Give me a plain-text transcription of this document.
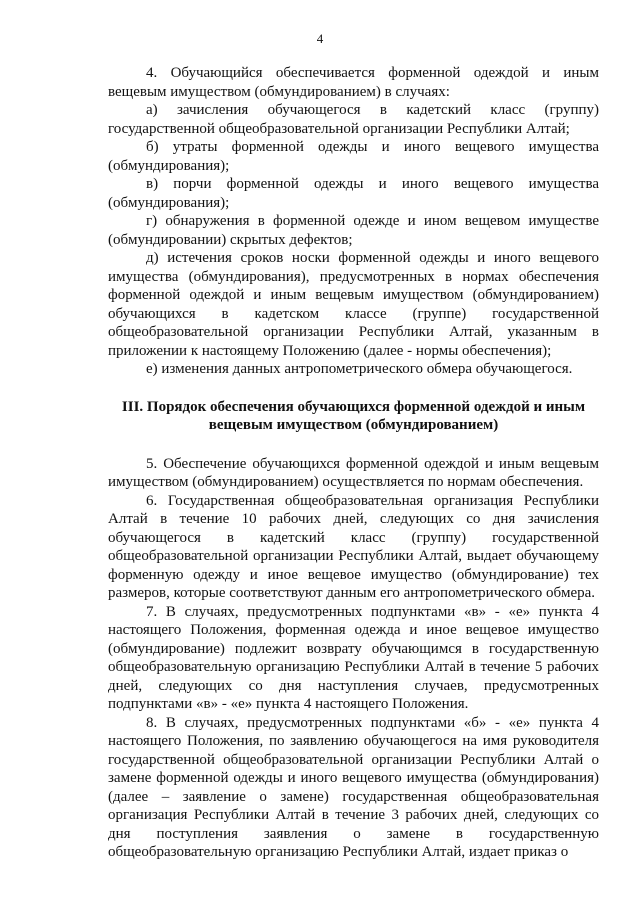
4

4. Обучающийся обеспечивается форменной одеждой и иным вещевым имуществом (обмундированием) в случаях:

а) зачисления обучающегося в кадетский класс (группу) государственной общеобразовательной организации Республики Алтай;

б) утраты форменной одежды и иного вещевого имущества (обмундирования);

в) порчи форменной одежды и иного вещевого имущества (обмундирования);

г) обнаружения в форменной одежде и ином вещевом имуществе (обмундировании) скрытых дефектов;

д) истечения сроков носки форменной одежды и иного вещевого имущества (обмундирования), предусмотренных в нормах обеспечения форменной одеждой и иным вещевым имуществом (обмундированием) обучающихся в кадетском классе (группе) государственной общеобразовательной организации Республики Алтай, указанным в приложении к настоящему Положению (далее - нормы обеспечения);

е) изменения данных антропометрического обмера обучающегося.

III. Порядок обеспечения обучающихся форменной одеждой и иным вещевым имуществом (обмундированием)

5. Обеспечение обучающихся форменной одеждой и иным вещевым имуществом (обмундированием) осуществляется по нормам обеспечения.

6. Государственная общеобразовательная организация Республики Алтай в течение 10 рабочих дней, следующих со дня зачисления обучающегося в кадетский класс (группу) государственной общеобразовательной организации Республики Алтай, выдает обучающему форменную одежду и иное вещевое имущество (обмундирование) тех размеров, которые соответствуют данным его антропометрического обмера.

7. В случаях, предусмотренных подпунктами «в» - «е» пункта 4 настоящего Положения, форменная одежда и иное вещевое имущество (обмундирование) подлежит возврату обучающимся в государственную общеобразовательную организацию Республики Алтай в течение 5 рабочих дней, следующих со дня наступления случаев, предусмотренных подпунктами «в» - «е» пункта 4 настоящего Положения.

8. В случаях, предусмотренных подпунктами «б» - «е» пункта 4 настоящего Положения, по заявлению обучающегося на имя руководителя государственной общеобразовательной организации Республики Алтай о замене форменной одежды и иного вещевого имущества (обмундирования) (далее – заявление о замене) государственная общеобразовательная организация Республики Алтай в течение 3 рабочих дней, следующих со дня поступления заявления о замене в государственную общеобразовательную организацию Республики Алтай, издает приказ о
